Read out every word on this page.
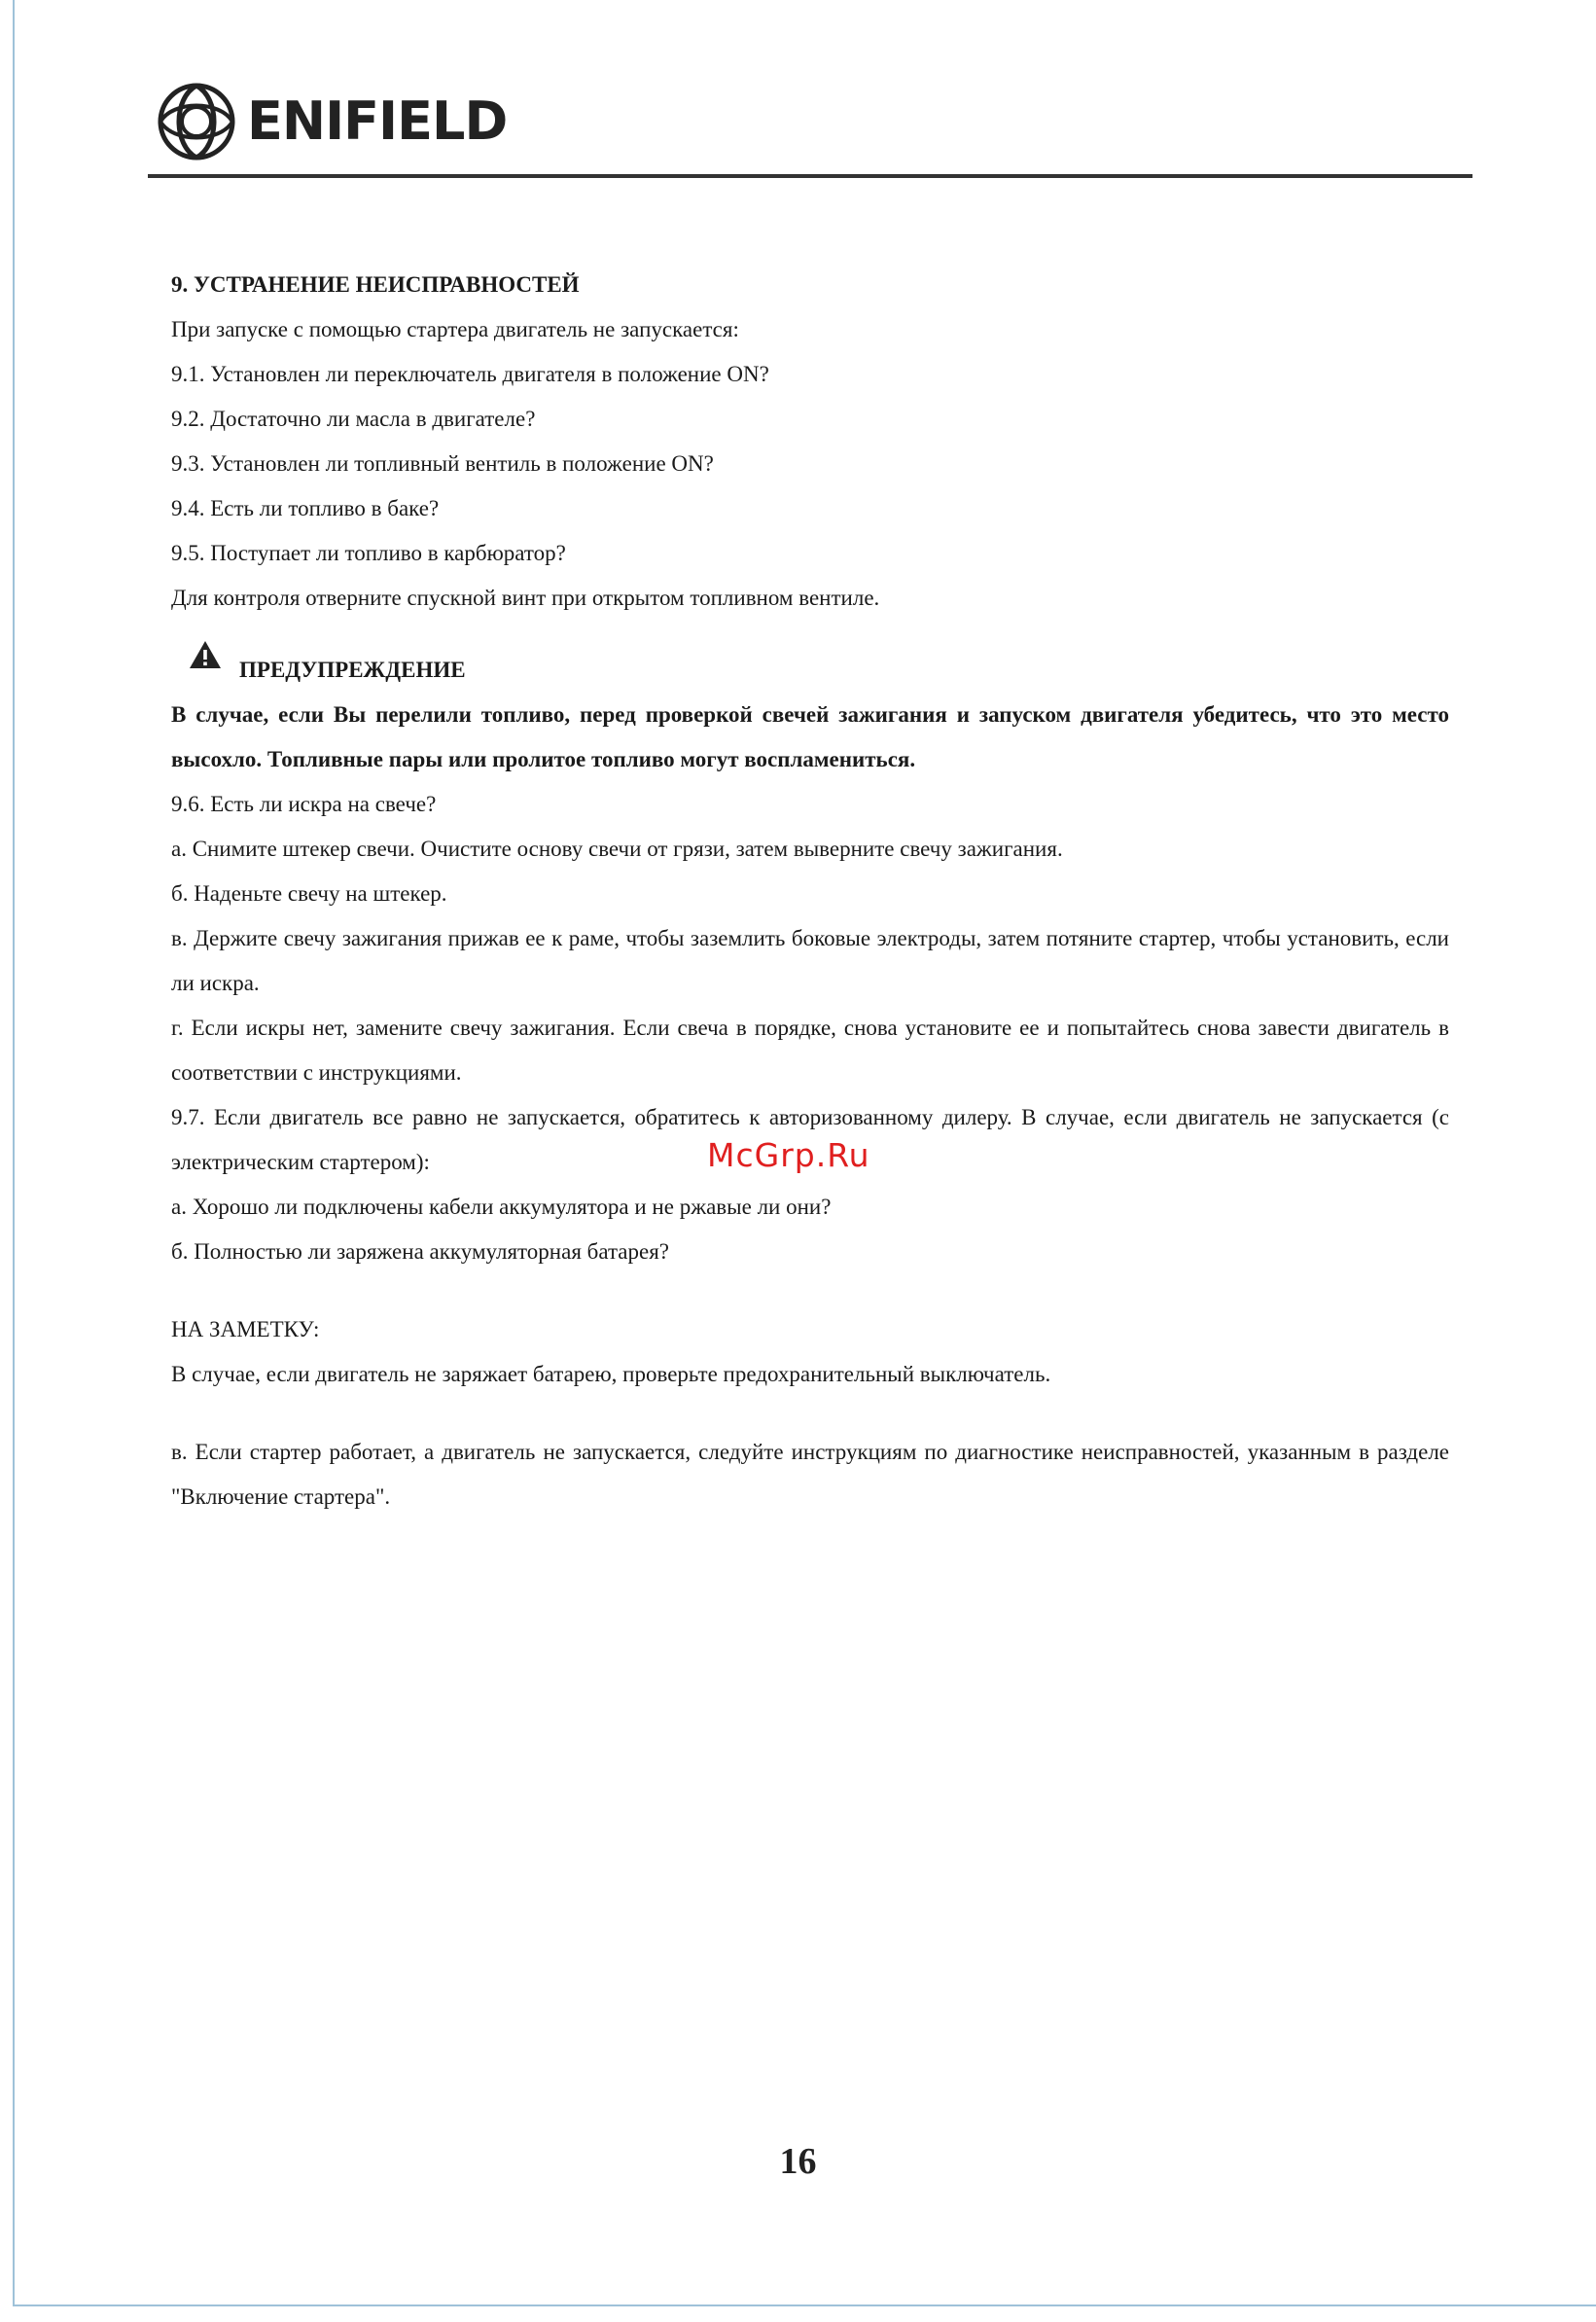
ENIFIELD

9. УСТРАНЕНИЕ НЕИСПРАВНОСТЕЙ

При запуске с помощью стартера двигатель не запускается:

9.1. Установлен ли переключатель двигателя в положение ON?

9.2. Достаточно ли масла в двигателе?

9.3. Установлен ли топливный вентиль в положение ON?

9.4. Есть ли топливо в баке?

9.5. Поступает ли топливо в карбюратор?

Для контроля отверните спускной винт при открытом топливном вентиле.

ПРЕДУПРЕЖДЕНИЕ

В случае, если Вы перелили топливо, перед проверкой свечей зажигания и запуском двигателя убедитесь, что это место высохло. Топливные пары или пролитое топливо могут воспламениться.

9.6. Есть ли искра на свече?

а. Снимите штекер свечи. Очистите основу свечи от грязи, затем выверните свечу зажигания.

б. Наденьте свечу на штекер.

в. Держите свечу зажигания прижав ее к раме, чтобы заземлить боковые электроды, затем потяните стартер, чтобы установить, если ли искра.

г. Если искры нет, замените свечу зажигания. Если свеча в порядке, снова установите ее и попытайтесь снова завести двигатель в соответствии с инструкциями.

9.7. Если двигатель все равно не запускается, обратитесь к авторизованному дилеру. В случае, если двигатель не запускается (с электрическим стартером):

а. Хорошо ли подключены кабели аккумулятора и не ржавые ли они?

б. Полностью ли заряжена аккумуляторная батарея?

НА ЗАМЕТКУ:

В случае, если двигатель не заряжает батарею, проверьте предохранительный выключатель.

в. Если стартер работает, а двигатель не запускается, следуйте инструкциям по диагностике неисправностей, указанным в разделе "Включение стартера".

McGrp.Ru
16
